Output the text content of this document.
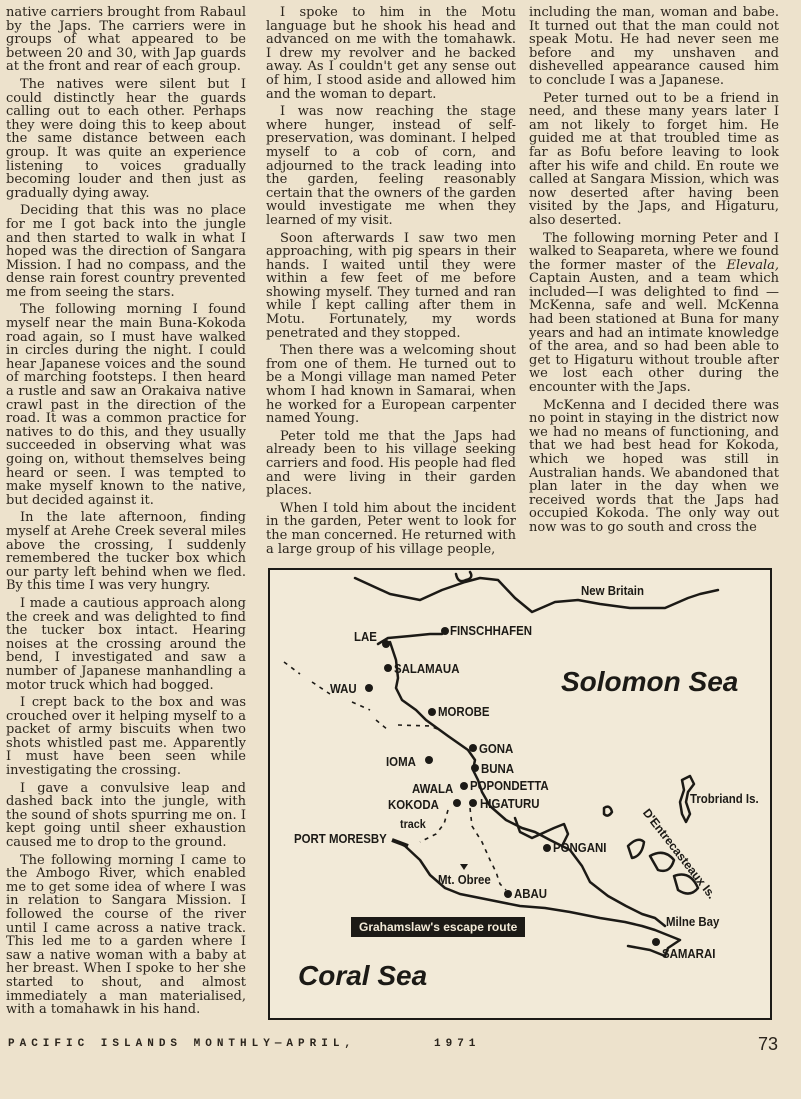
native carriers brought from Rabaul by the Japs. The carriers were in groups of what appeared to be between 20 and 30, with Jap guards at the front and rear of each group.

The natives were silent but I could distinctly hear the guards calling out to each other. Perhaps they were doing this to keep about the same distance between each group. It was quite an experience listening to voices gradually becoming louder and then just as gradually dying away.

Deciding that this was no place for me I got back into the jungle and then started to walk in what I hoped was the direction of Sangara Mission. I had no compass, and the dense rain forest country prevented me from seeing the stars.

The following morning I found myself near the main Buna-Kokoda road again, so I must have walked in circles during the night. I could hear Japanese voices and the sound of marching footsteps. I then heard a rustle and saw an Orakaiva native crawl past in the direction of the road. It was a common practice for natives to do this, and they usually succeeded in observing what was going on, without themselves being heard or seen. I was tempted to make myself known to the native, but decided against it.

In the late afternoon, finding myself at Arehe Creek several miles above the crossing, I suddenly remembered the tucker box which our party left behind when we fled. By this time I was very hungry.

I made a cautious approach along the creek and was delighted to find the tucker box intact. Hearing noises at the crossing around the bend, I investigated and saw a number of Japanese manhandling a motor truck which had bogged.

I crept back to the box and was crouched over it helping myself to a packet of army biscuits when two shots whistled past me. Apparently I must have been seen while investigating the crossing.

I gave a convulsive leap and dashed back into the jungle, with the sound of shots spurring me on. I kept going until sheer exhaustion caused me to drop to the ground.

The following morning I came to the Ambogo River, which enabled me to get some idea of where I was in relation to Sangara Mission. I followed the course of the river until I came across a native track. This led me to a garden where I saw a native woman with a baby at her breast. When I spoke to her she started to shout, and almost immediately a man materialised, with a tomahawk in his hand.

I spoke to him in the Motu language but he shook his head and advanced on me with the tomahawk. I drew my revolver and he backed away. As I couldn't get any sense out of him, I stood aside and allowed him and the woman to depart.

I was now reaching the stage where hunger, instead of self-preservation, was dominant. I helped myself to a cob of corn, and adjourned to the track leading into the garden, feeling reasonably certain that the owners of the garden would investigate me when they learned of my visit.

Soon afterwards I saw two men approaching, with pig spears in their hands. I waited until they were within a few feet of me before showing myself. They turned and ran while I kept calling after them in Motu. Fortunately, my words penetrated and they stopped.

Then there was a welcoming shout from one of them. He turned out to be a Mongi village man named Peter whom I had known in Samarai, when he worked for a European carpenter named Young.

Peter told me that the Japs had already been to his village seeking carriers and food. His people had fled and were living in their garden places.

When I told him about the incident in the garden, Peter went to look for the man concerned. He returned with a large group of his village people,

including the man, woman and babe. It turned out that the man could not speak Motu. He had never seen me before and my unshaven and dishevelled appearance caused him to conclude I was a Japanese.

Peter turned out to be a friend in need, and these many years later I am not likely to forget him. He guided me at that troubled time as far as Bofu before leaving to look after his wife and child. En route we called at Sangara Mission, which was now deserted after having been visited by the Japs, and Higaturu, also deserted.

The following morning Peter and I walked to Seapareta, where we found the former master of the Elevala, Captain Austen, and a team which included—I was delighted to find — McKenna, safe and well. McKenna had been stationed at Buna for many years and had an intimate knowledge of the area, and so had been able to get to Higaturu without trouble after we lost each other during the encounter with the Japs.

McKenna and I decided there was no point in staying in the district now we had no means of functioning, and that we had best head for Kokoda, which we hoped was still in Australian hands. We abandoned that plan later in the day when we received words that the Japs had occupied Kokoda. The only way out now was to go south and cross the

New Britain
LAE	FINSCHHAFEN
SALAMAUA
WAU
MOROBE
GONA
IOMA	BUNA
AWALA POPONDETTA
KOKODA	HIGATURU
track
PORT MORESBY
PONGANI
Trobriand Is.
D'Entrecasteaux Is.
Mt. Obree
ABAU
Milne Bay
SAMARAI
Solomon Sea
Coral Sea
Grahamslaw's escape route
PACIFIC ISLANDS MONTHLY—APRIL,	1971	73
